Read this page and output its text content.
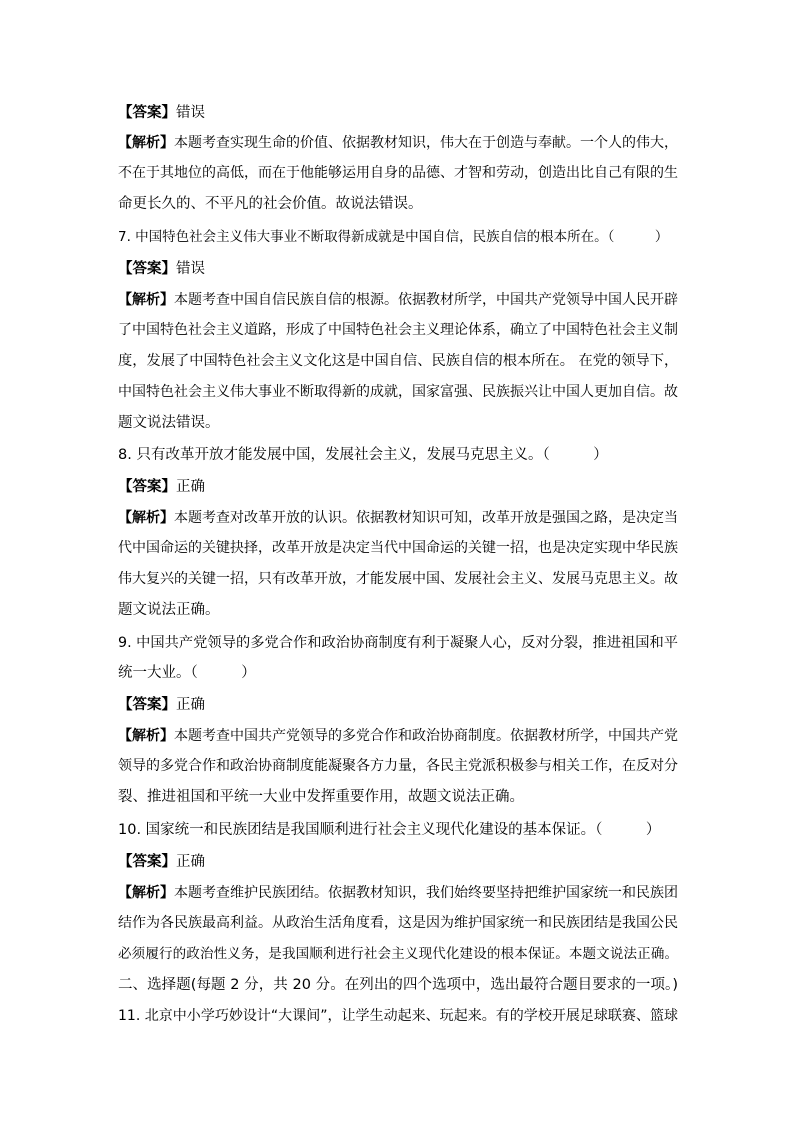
【答案】错误
【解析】本题考查实现生命的价值、依据教材知识，伟大在于创造与奉献。一个人的伟大，
不在于其地位的高低，而在于他能够运用自身的品德、才智和劳动，创造出比自己有限的生
命更长久的、不平凡的社会价值。故说法错误。
7. 中国特色社会主义伟大事业不断取得新成就是中国自信，民族自信的根本所在。（　　　）
【答案】错误
【解析】本题考查中国自信民族自信的根源。依据教材所学，中国共产党领导中国人民开辟
了中国特色社会主义道路，形成了中国特色社会主义理论体系，确立了中国特色社会主义制
度，发展了中国特色社会主义文化这是中国自信、民族自信的根本所在。 在党的领导下，
中国特色社会主义伟大事业不断取得新的成就，国家富强、民族振兴让中国人更加自信。故
题文说法错误。
8. 只有改革开放才能发展中国，发展社会主义，发展马克思主义。（　　　）
【答案】正确
【解析】本题考查对改革开放的认识。依据教材知识可知，改革开放是强国之路，是决定当
代中国命运的关键抉择，改革开放是决定当代中国命运的关键一招，也是决定实现中华民族
伟大复兴的关键一招，只有改革开放，才能发展中国、发展社会主义、发展马克思主义。故
题文说法正确。
9. 中国共产党领导的多党合作和政治协商制度有利于凝聚人心，反对分裂，推进祖国和平
统一大业。（　　　）
【答案】正确
【解析】本题考查中国共产党领导的多党合作和政治协商制度。依据教材所学，中国共产党
领导的多党合作和政治协商制度能凝聚各方力量，各民主党派积极参与相关工作，在反对分
裂、推进祖国和平统一大业中发挥重要作用，故题文说法正确。
10. 国家统一和民族团结是我国顺利进行社会主义现代化建设的基本保证。（　　　）
【答案】正确
【解析】本题考查维护民族团结。依据教材知识，我们始终要坚持把维护国家统一和民族团
结作为各民族最高利益。从政治生活角度看，这是因为维护国家统一和民族团结是我国公民
必须履行的政治性义务，是我国顺利进行社会主义现代化建设的根本保证。本题文说法正确。
二、选择题(每题 2 分，共 20 分。在列出的四个选项中，选出最符合题目要求的一项。)
11. 北京中小学巧妙设计“大课间”，让学生动起来、玩起来。有的学校开展足球联赛、篮球
